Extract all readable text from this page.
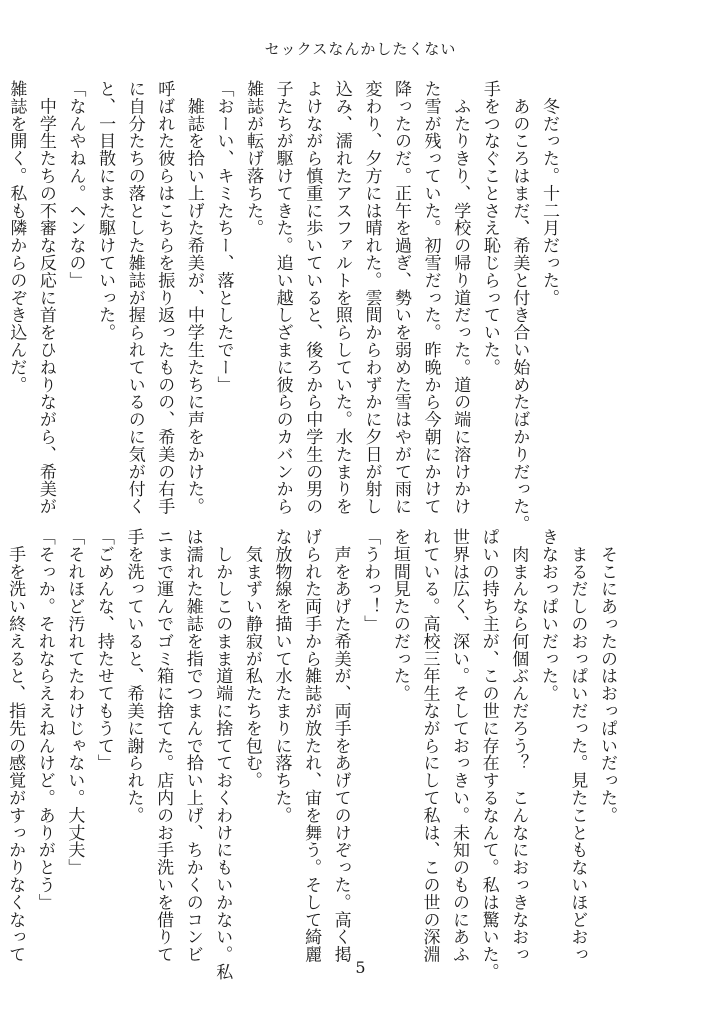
セックスなんかしたくない
　冬だった。十二月だった。
　あのころはまだ、希美と付き合い始めたばかりだった。
手をつなぐことさえ恥じらっていた。
　ふたりきり、学校の帰り道だった。道の端に溶けかけ
た雪が残っていた。初雪だった。昨晩から今朝にかけて
降ったのだ。正午を過ぎ、勢いを弱めた雪はやがて雨に
変わり、夕方には晴れた。雲間からわずかに夕日が射し
込み、濡れたアスファルトを照らしていた。水たまりを
よけながら慎重に歩いていると、後ろから中学生の男の
子たちが駆けてきた。追い越しざまに彼らのカバンから
雑誌が転げ落ちた。
「おーい、キミたちー、落としたでー」
　雑誌を拾い上げた希美が、中学生たちに声をかけた。
呼ばれた彼らはこちらを振り返ったものの、希美の右手
に自分たちの落とした雑誌が握られているのに気が付く
と、一目散にまた駆けていった。
「なんやねん。ヘンなの」
　中学生たちの不審な反応に首をひねりながら、希美が
雑誌を開く。私も隣からのぞき込んだ。
　そこにあったのはおっぱいだった。
　まるだしのおっぱいだった。見たこともないほどおっ
きなおっぱいだった。
　肉まんなら何個ぶんだろう？　こんなにおっきなおっ
ぱいの持ち主が、この世に存在するなんて。私は驚いた。
世界は広く、深い。そしておっきい。未知のものにあふ
れている。高校三年生ながらにして私は、この世の深淵
を垣間見たのだった。
「うわっ！」
　声をあげた希美が、両手をあげてのけぞった。高く掲
げられた両手から雑誌が放たれ、宙を舞う。そして綺麗
な放物線を描いて水たまりに落ちた。
　気まずい静寂が私たちを包む。
　しかしこのまま道端に捨てておくわけにもいかない。私
は濡れた雑誌を指でつまんで拾い上げ、ちかくのコンビ
ニまで運んでゴミ箱に捨てた。店内のお手洗いを借りて
手を洗っていると、希美に謝られた。
「ごめんな、持たせてもうて」
「それほど汚れてたわけじゃない。大丈夫」
「そっか。それならええねんけど。ありがとう」
　手を洗い終えると、指先の感覚がすっかりなくなって
5
